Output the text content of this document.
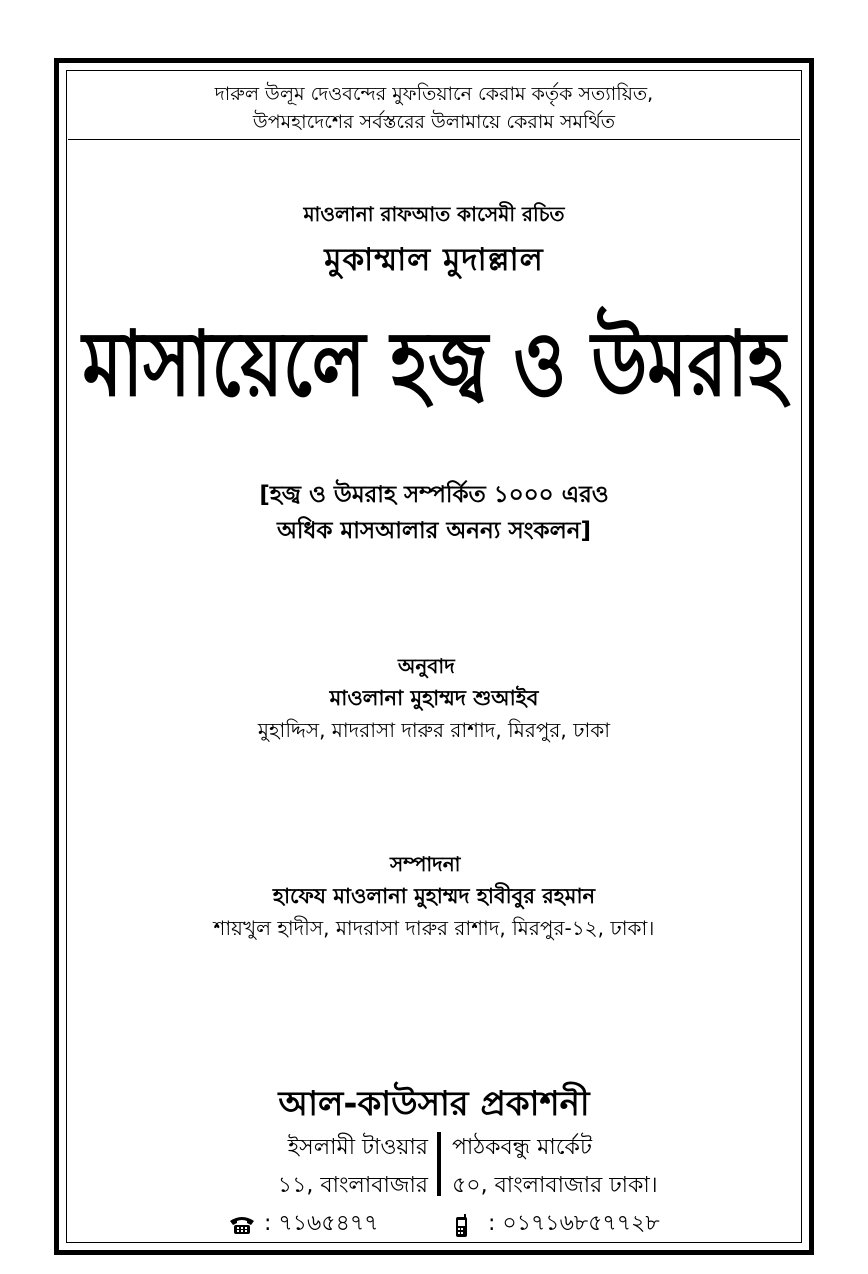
দারুল উলূম দেওবন্দের মুফতিয়ানে কেরাম কর্তৃক সত্যায়িত,
উপমহাদেশের সর্বস্তরের উলামায়ে কেরাম সমর্থিত
মাওলানা রাফআত কাসেমী রচিত
মুকাম্মাল মুদাল্লাল
মাসায়েলে হজ্ব ও উমরাহ
[হজ্ব ও উমরাহ সম্পর্কিত ১০০০ এরও
অধিক মাসআলার অনন্য সংকলন]
অনুবাদ
মাওলানা মুহাম্মদ শুআইব
মুহাদ্দিস, মাদরাসা দারুর রাশাদ, মিরপুর, ঢাকা
সম্পাদনা
হাফেয মাওলানা মুহাম্মদ হাবীবুর রহমান
শায়খুল হাদীস, মাদরাসা দারুর রাশাদ, মিরপুর-১২, ঢাকা।
আল-কাউসার প্রকাশনী
ইসলামী টাওয়ার
১১, বাংলাবাজার
পাঠকবন্ধু মার্কেট
৫০, বাংলাবাজার ঢাকা।
: ৭১৬৫৪৭৭	: ০১৭১৬৮৫৭৭২৮
